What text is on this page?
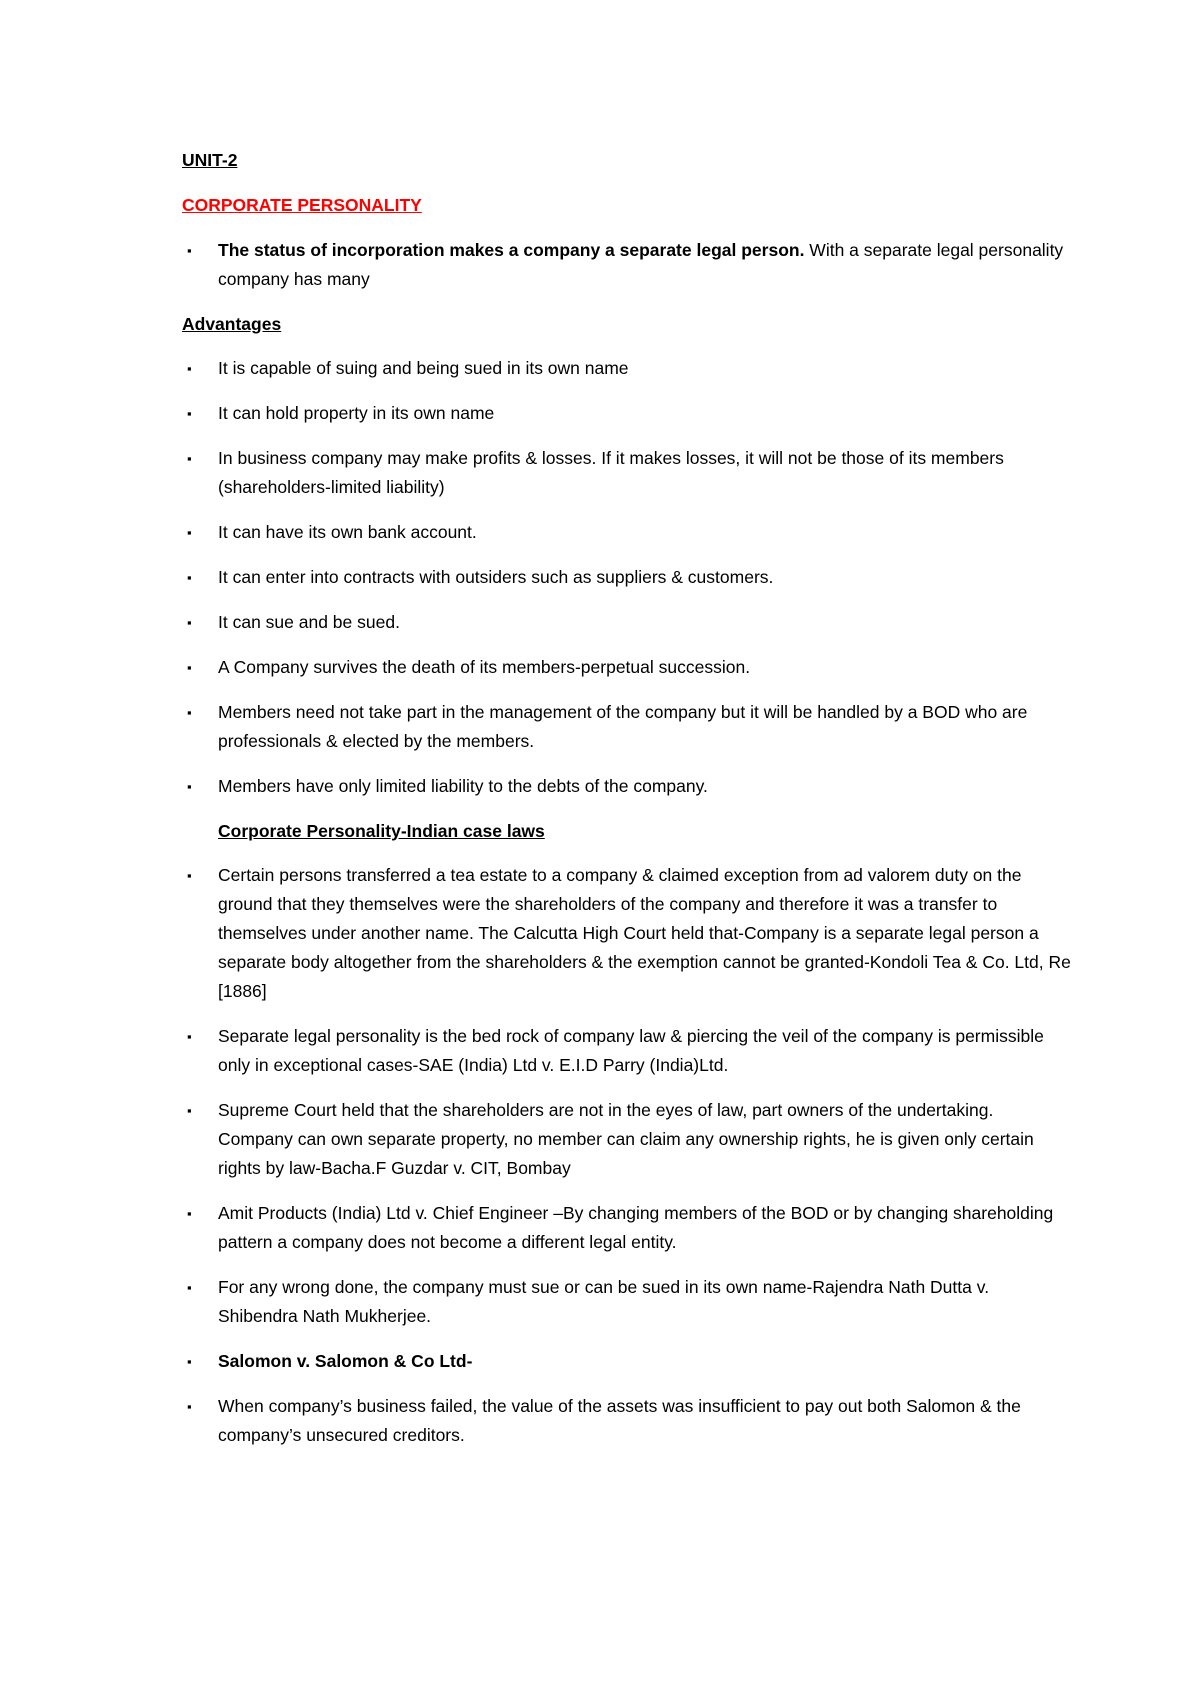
UNIT-2
CORPORATE PERSONALITY
▪ The status of incorporation makes a company a separate legal person. With a separate legal personality company has many
Advantages
▪ It is capable of suing and being sued in its own name
▪ It can hold property in its own name
▪ In business company may make profits & losses. If it makes losses, it will not be those of its members (shareholders-limited liability)
▪ It can have its own bank account.
▪ It can enter into contracts with outsiders such as suppliers & customers.
▪ It can sue and be sued.
▪ A Company survives the death of its members-perpetual succession.
▪ Members need not take part in the management of the company but it will be handled by a BOD who are professionals & elected by the members.
▪ Members have only limited liability to the debts of the company.
Corporate Personality-Indian case laws
▪ Certain persons transferred a tea estate to a company & claimed exception from ad valorem duty on the ground that they themselves were the shareholders of the company and therefore it was a transfer to themselves under another name. The Calcutta High Court held that-Company is a separate legal person a separate body altogether from the shareholders & the exemption cannot be granted-Kondoli Tea & Co. Ltd, Re [1886]
▪ Separate legal personality is the bed rock of company law & piercing the veil of the company is permissible only in exceptional cases-SAE (India) Ltd v. E.I.D Parry (India)Ltd.
▪ Supreme Court held that the shareholders are not in the eyes of law, part owners of the undertaking. Company can own separate property, no member can claim any ownership rights, he is given only certain rights by law-Bacha.F Guzdar v. CIT, Bombay
▪ Amit Products (India) Ltd v. Chief Engineer –By changing members of the BOD or by changing shareholding pattern a company does not become a different legal entity.
▪ For any wrong done, the company must sue or can be sued in its own name-Rajendra Nath Dutta v. Shibendra Nath Mukherjee.
▪ Salomon v. Salomon & Co Ltd-
▪ When company’s business failed, the value of the assets was insufficient to pay out both Salomon & the company’s unsecured creditors.
